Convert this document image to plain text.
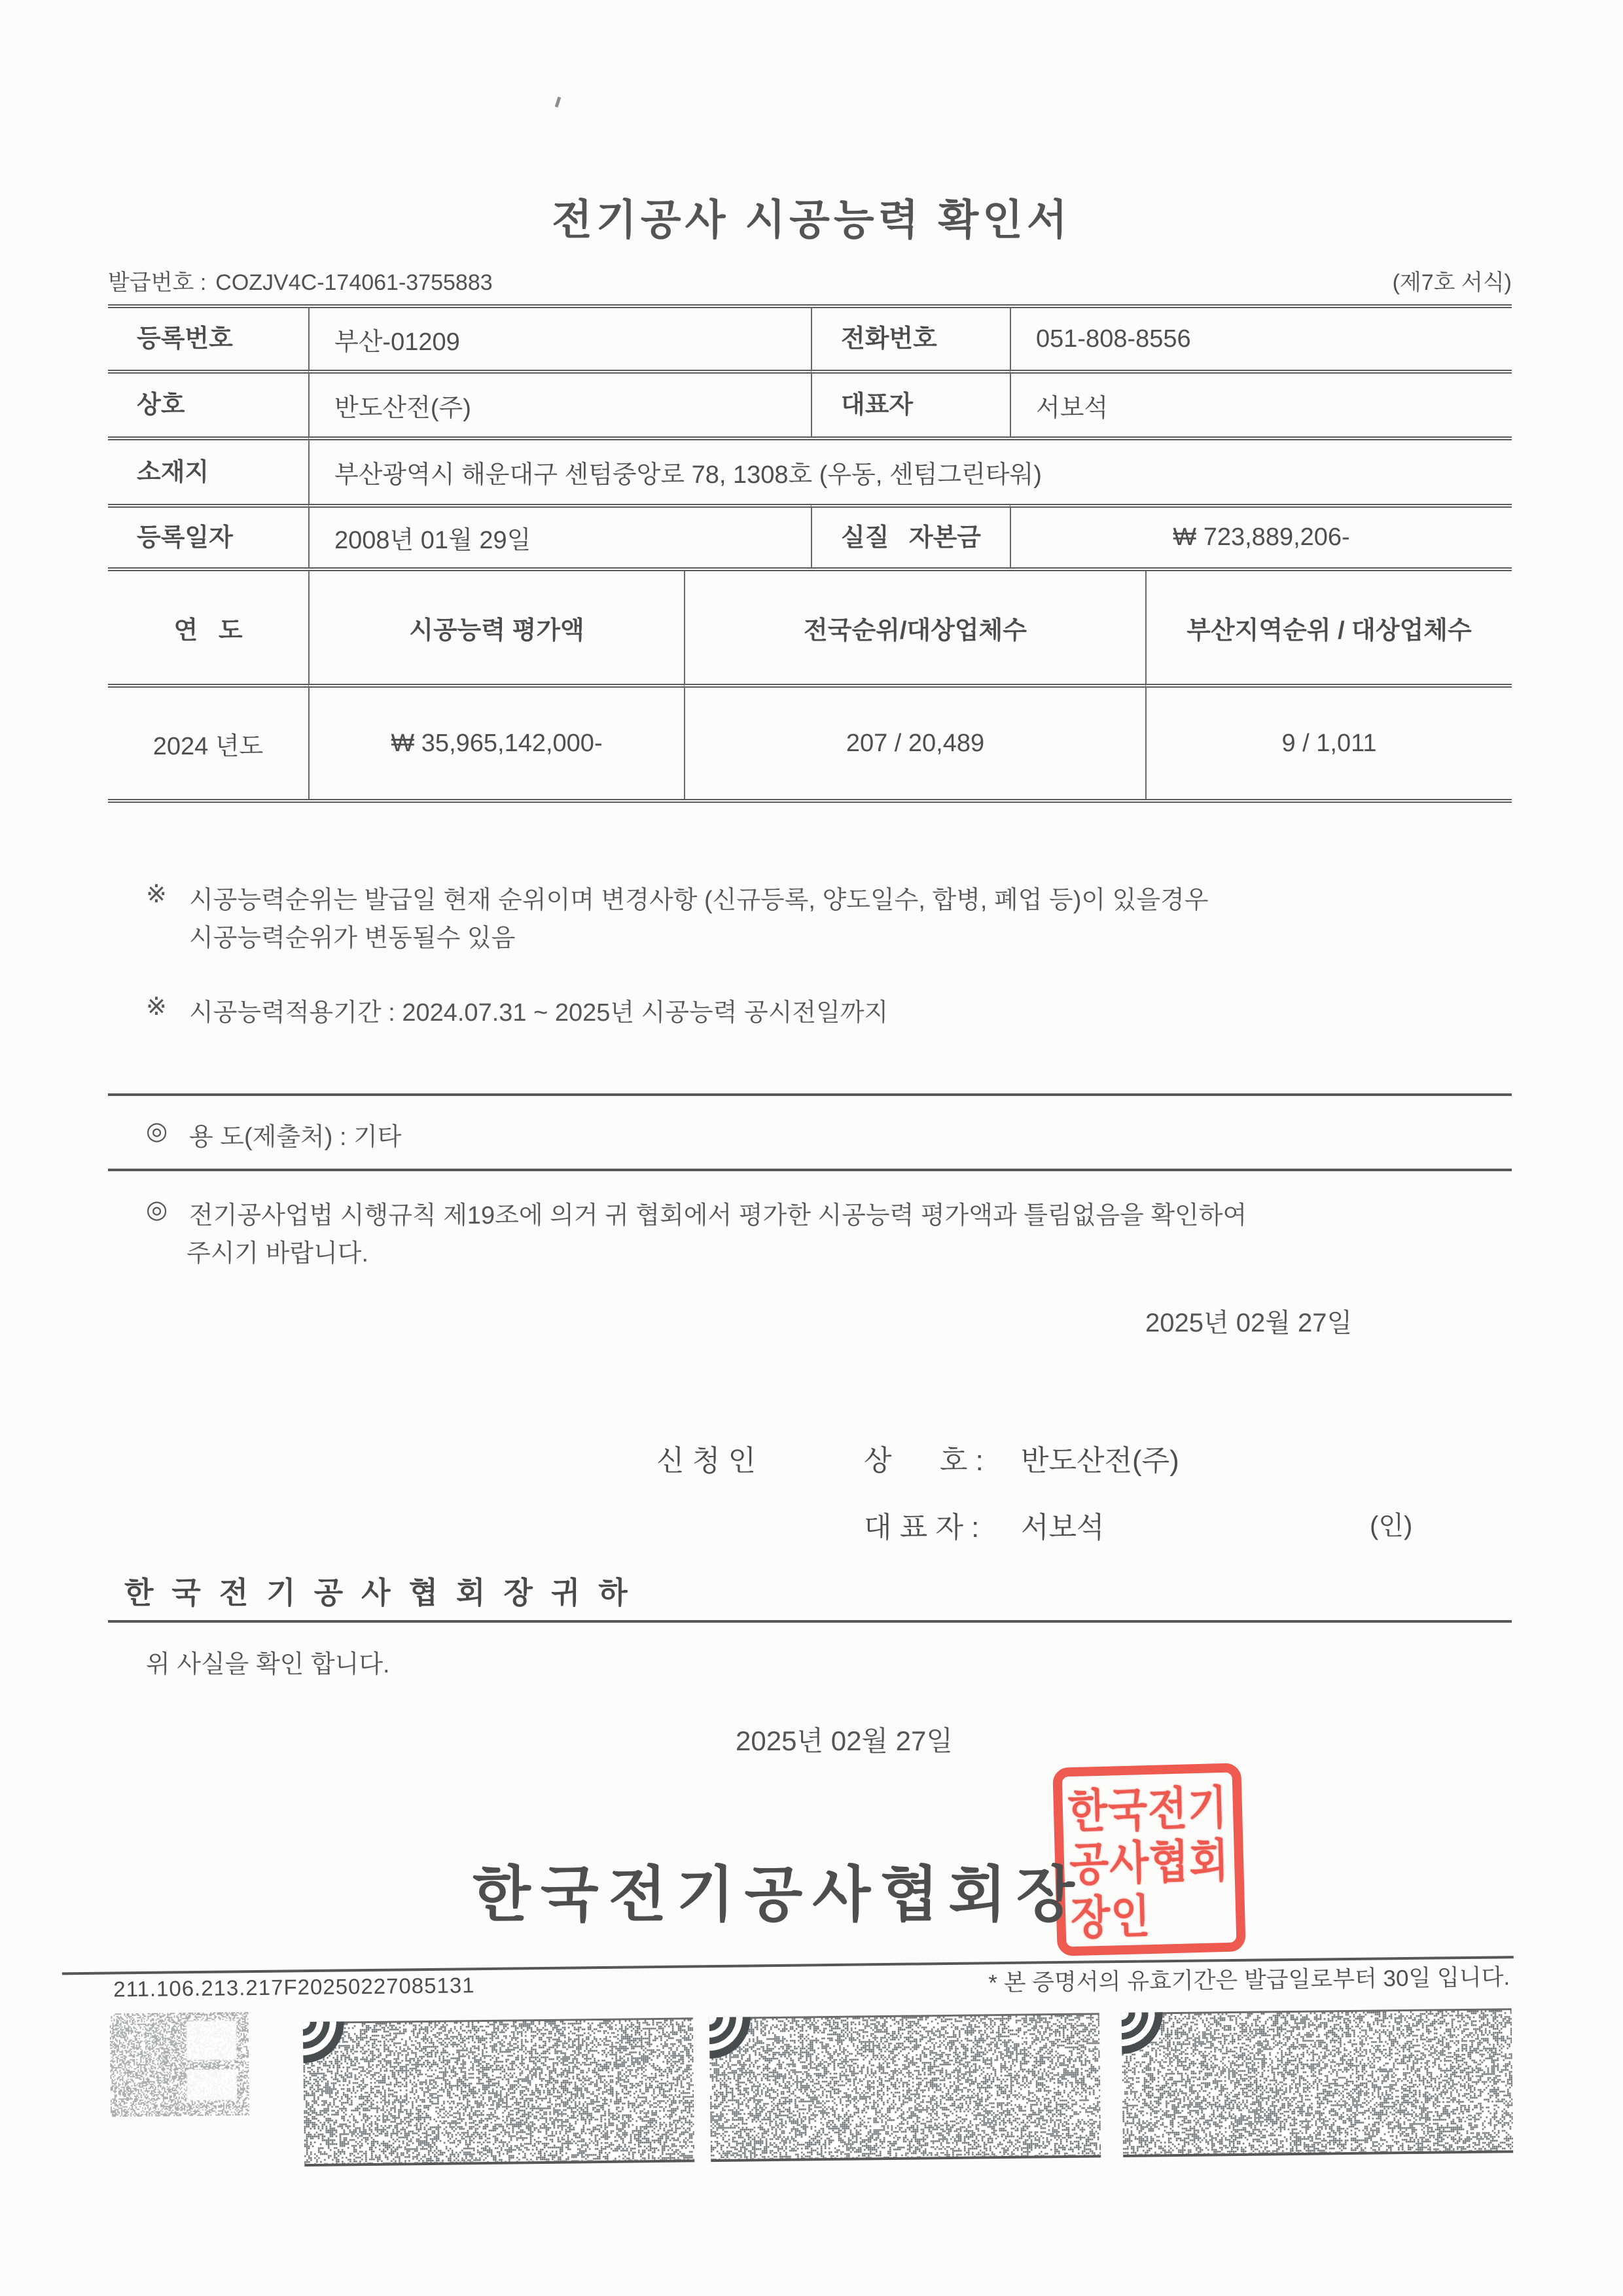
전기공사 시공능력 확인서
발급번호 : COZJV4C-174061-3755883	(제7호 서식)
등록번호	부산-01209	전화번호	051-808-8556
상호	반도산전(주)	대표자	서보석
소재지	부산광역시 해운대구 센텀중앙로 78, 1308호 (우동, 센텀그린타워)
등록일자	2008년 01월 29일	실질 자본금	₩ 723,889,206-
연   도	시공능력 평가액	전국순위/대상업체수	부산지역순위 / 대상업체수
2024 년도	₩ 35,965,142,000-	207 / 20,489	9 / 1,011
※ 시공능력순위는 발급일 현재 순위이며 변경사항 (신규등록, 양도일수, 합병, 폐업 등)이 있을경우
시공능력순위가 변동될수 있음
※ 시공능력적용기간 : 2024.07.31 ~ 2025년 시공능력 공시전일까지
◎ 용 도(제출처) : 기타
◎ 전기공사업법 시행규칙 제19조에 의거 귀 협회에서 평가한 시공능력 평가액과 틀림없음을 확인하여
주시기 바랍니다.
2025년 02월 27일
신 청 인	상      호 : 반도산전(주)
대 표 자 : 서보석	(인)
한국전기공사협회장귀하
위 사실을 확인 합니다.
2025년 02월 27일
한국전기공사협회장
한
국
전
기
공
사
협
회
장
인
211.106.213.217F20250227085131	* 본 증명서의 유효기간은 발급일로부터 30일 입니다.
